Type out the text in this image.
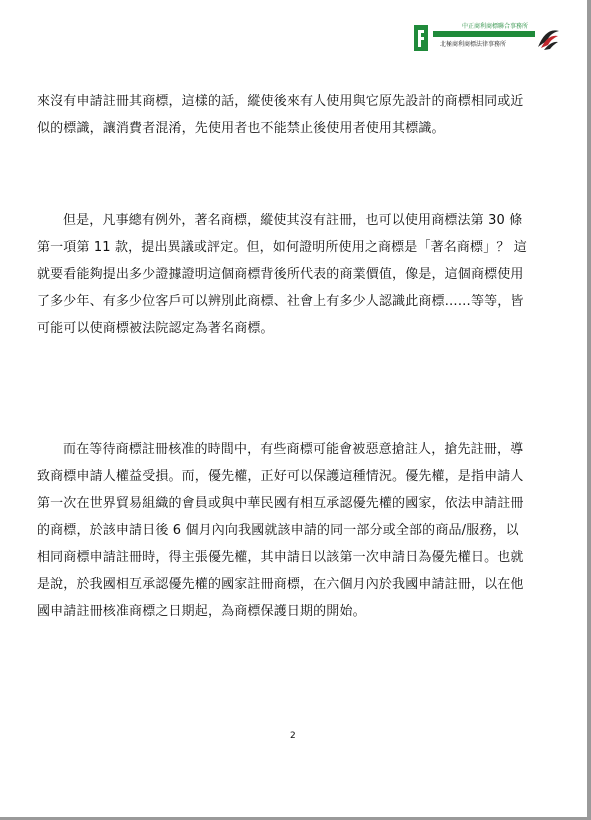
中正商利商標聯合事務所
北極商利商標法律事務所
來沒有申請註冊其商標，這樣的話，縱使後來有人使用與它原先設計的商標相同或近
似的標識，讓消費者混淆，先使用者也不能禁止後使用者使用其標識。
但是，凡事總有例外，著名商標，縱使其沒有註冊，也可以使用商標法第 30 條
第一項第 11 款，提出異議或評定。但，如何證明所使用之商標是「著名商標」？ 這
就要看能夠提出多少證據證明這個商標背後所代表的商業價值，像是，這個商標使用
了多少年、有多少位客戶可以辨別此商標、社會上有多少人認識此商標……等等，皆
可能可以使商標被法院認定為著名商標。
而在等待商標註冊核准的時間中，有些商標可能會被惡意搶註人，搶先註冊，導
致商標申請人權益受損。而，優先權，正好可以保護這種情況。優先權，是指申請人
第一次在世界貿易組織的會員或與中華民國有相互承認優先權的國家，依法申請註冊
的商標，於該申請日後 6 個月內向我國就該申請的同一部分或全部的商品/服務，以
相同商標申請註冊時，得主張優先權，其申請日以該第一次申請日為優先權日。也就
是說，於我國相互承認優先權的國家註冊商標，在六個月內於我國申請註冊，以在他
國申請註冊核准商標之日期起，為商標保護日期的開始。
2
